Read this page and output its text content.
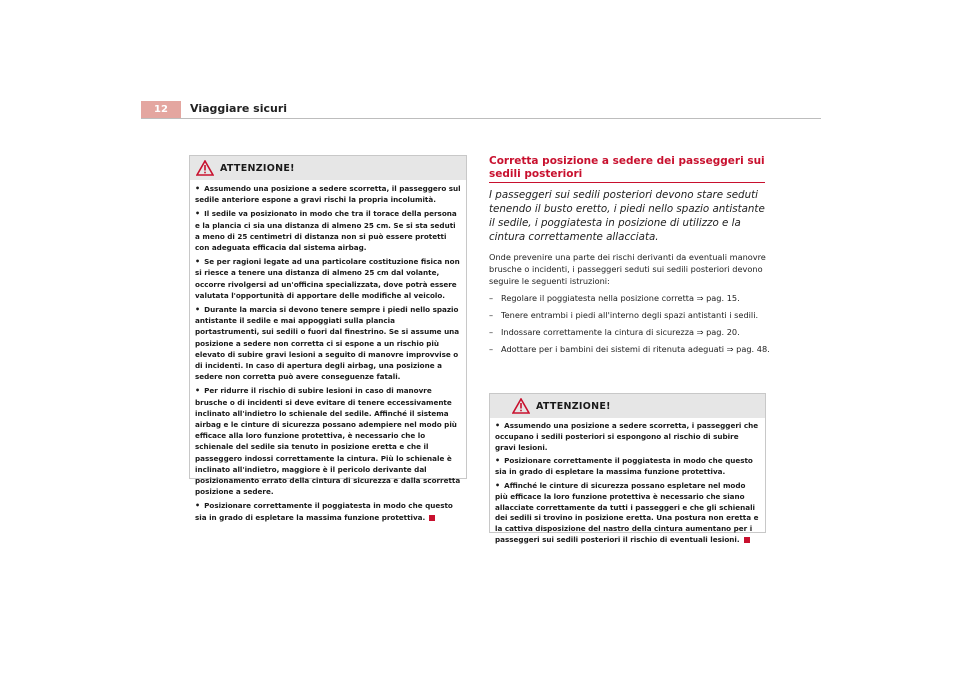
12	Viaggiare sicuri
ATTENZIONE!
• Assumendo una posizione a sedere scorretta, il passeggero sul sedile anteriore espone a gravi rischi la propria incolumità.
• Il sedile va posizionato in modo che tra il torace della persona e la plancia ci sia una distanza di almeno 25 cm. Se si sta seduti a meno di 25 centimetri di distanza non si può essere protetti con adeguata efficacia dal sistema airbag.
• Se per ragioni legate ad una particolare costituzione fisica non si riesce a tenere una distanza di almeno 25 cm dal volante, occorre rivolgersi ad un'officina specializzata, dove potrà essere valutata l'opportunità di apportare delle modifiche al veicolo.
• Durante la marcia si devono tenere sempre i piedi nello spazio antistante il sedile e mai appoggiati sulla plancia portastrumenti, sui sedili o fuori dal finestrino. Se si assume una posizione a sedere non corretta ci si espone a un rischio più elevato di subire gravi lesioni a seguito di manovre improvvise o di incidenti. In caso di apertura degli airbag, una posizione a sedere non corretta può avere conseguenze fatali.
• Per ridurre il rischio di subire lesioni in caso di manovre brusche o di incidenti si deve evitare di tenere eccessivamente inclinato all'indietro lo schienale del sedile. Affinché il sistema airbag e le cinture di sicurezza possano adempiere nel modo più efficace alla loro funzione protettiva, è necessario che lo schienale del sedile sia tenuto in posizione eretta e che il passeggero indossi correttamente la cintura. Più lo schienale è inclinato all'indietro, maggiore è il pericolo derivante dal posizionamento errato della cintura di sicurezza e dalla scorretta posizione a sedere.
• Posizionare correttamente il poggiatesta in modo che questo sia in grado di espletare la massima funzione protettiva.
Corretta posizione a sedere dei passeggeri sui sedili posteriori
I passeggeri sui sedili posteriori devono stare seduti tenendo il busto eretto, i piedi nello spazio antistante il sedile, i poggiatesta in posizione di utilizzo e la cintura correttamente allacciata.
Onde prevenire una parte dei rischi derivanti da eventuali manovre brusche o incidenti, i passeggeri seduti sui sedili posteriori devono seguire le seguenti istruzioni:
– Regolare il poggiatesta nella posizione corretta ⇒ pag. 15.
– Tenere entrambi i piedi all'interno degli spazi antistanti i sedili.
– Indossare correttamente la cintura di sicurezza ⇒ pag. 20.
– Adottare per i bambini dei sistemi di ritenuta adeguati ⇒ pag. 48.
ATTENZIONE!
• Assumendo una posizione a sedere scorretta, i passeggeri che occupano i sedili posteriori si espongono al rischio di subire gravi lesioni.
• Posizionare correttamente il poggiatesta in modo che questo sia in grado di espletare la massima funzione protettiva.
• Affinché le cinture di sicurezza possano espletare nel modo più efficace la loro funzione protettiva è necessario che siano allacciate correttamente da tutti i passeggeri e che gli schienali dei sedili si trovino in posizione eretta. Una postura non eretta e la cattiva disposizione del nastro della cintura aumentano per i passeggeri sui sedili posteriori il rischio di eventuali lesioni.
